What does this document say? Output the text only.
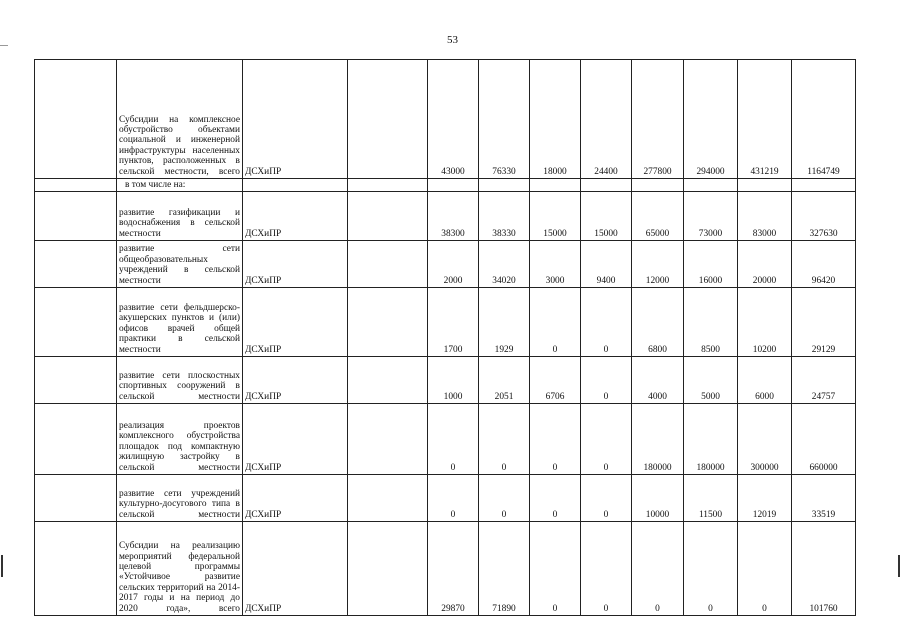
53
	Субсидии на комплексное обустройство объектами социальной и инженерной инфраструктуры населенных пунктов, расположенных в сельской местности, всего	ДСХиПР		43000	76330	18000	24400	277800	294000	431219	1164749
	в том числе на:										
	развитие газификации и водоснабжения в сельской местности	ДСХиПР		38300	38330	15000	15000	65000	73000	83000	327630
	развитие сети общеобразовательных учреждений в сельской местности	ДСХиПР		2000	34020	3000	9400	12000	16000	20000	96420
	развитие сети фельдшерско-акушерских пунктов и (или) офисов врачей общей практики в сельской местности	ДСХиПР		1700	1929	0	0	6800	8500	10200	29129
	развитие сети плоскостных спортивных сооружений в сельской местности	ДСХиПР		1000	2051	6706	0	4000	5000	6000	24757
	реализация проектов комплексного обустройства площадок под компактную жилищную застройку в сельской местности	ДСХиПР		0	0	0	0	180000	180000	300000	660000
	развитие сети учреждений культурно-досугового типа в сельской местности	ДСХиПР		0	0	0	0	10000	11500	12019	33519
	Субсидии на реализацию мероприятий федеральной целевой программы «Устойчивое развитие сельских территорий на 2014-2017 годы и на период до 2020 года», всего	ДСХиПР		29870	71890	0	0	0	0	0	101760
